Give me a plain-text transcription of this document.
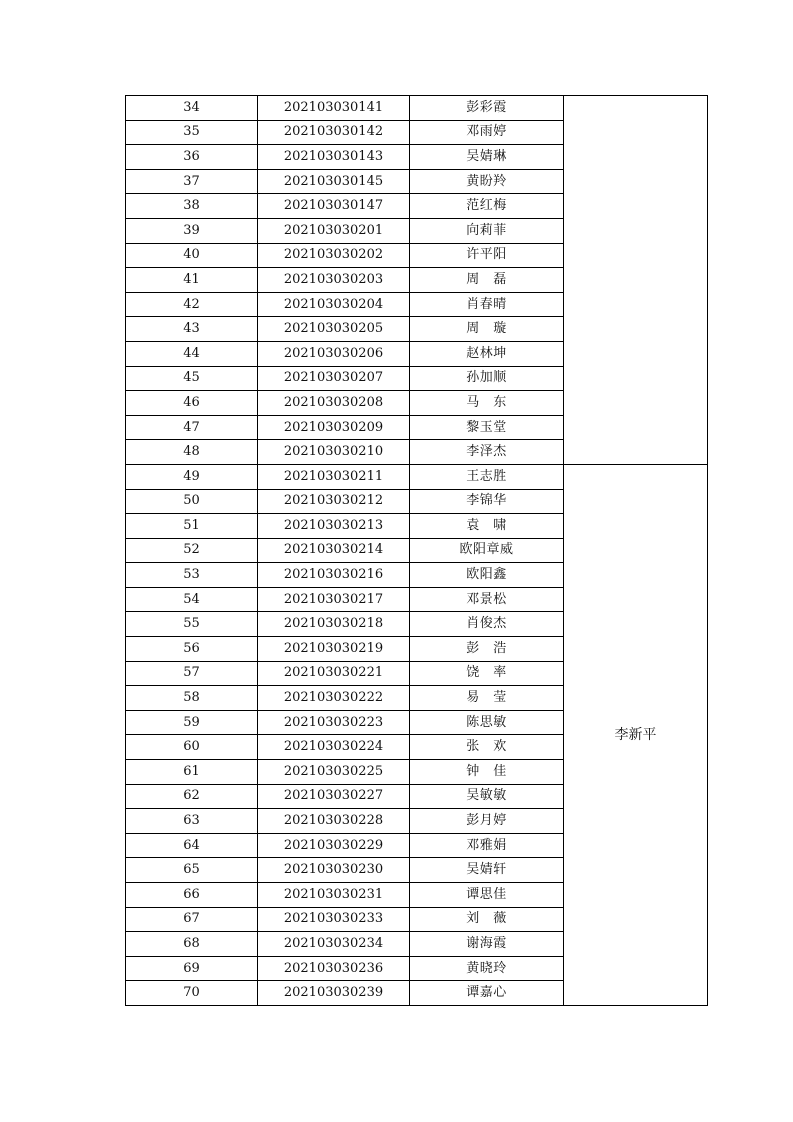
34	202103030141	彭彩霞	
35	202103030142	邓雨婷	
36	202103030143	吴婧琳	
37	202103030145	黄盼羚	
38	202103030147	范红梅	
39	202103030201	向莉菲	
40	202103030202	许平阳	
41	202103030203	周　磊	
42	202103030204	肖春晴	
43	202103030205	周　璇	
44	202103030206	赵林坤	
45	202103030207	孙加顺	
46	202103030208	马　东	
47	202103030209	黎玉堂	
48	202103030210	李泽杰	
49	202103030211	王志胜	李新平
50	202103030212	李锦华	
51	202103030213	袁　啸	
52	202103030214	欧阳章威	
53	202103030216	欧阳鑫	
54	202103030217	邓景松	
55	202103030218	肖俊杰	
56	202103030219	彭　浩	
57	202103030221	饶　率	
58	202103030222	易　莹	
59	202103030223	陈思敏	
60	202103030224	张　欢	
61	202103030225	钟　佳	
62	202103030227	吴敏敏	
63	202103030228	彭月婷	
64	202103030229	邓雅娟	
65	202103030230	吴婧轩	
66	202103030231	谭思佳	
67	202103030233	刘　薇	
68	202103030234	谢海霞	
69	202103030236	黄晓玲	
70	202103030239	谭嘉心	
